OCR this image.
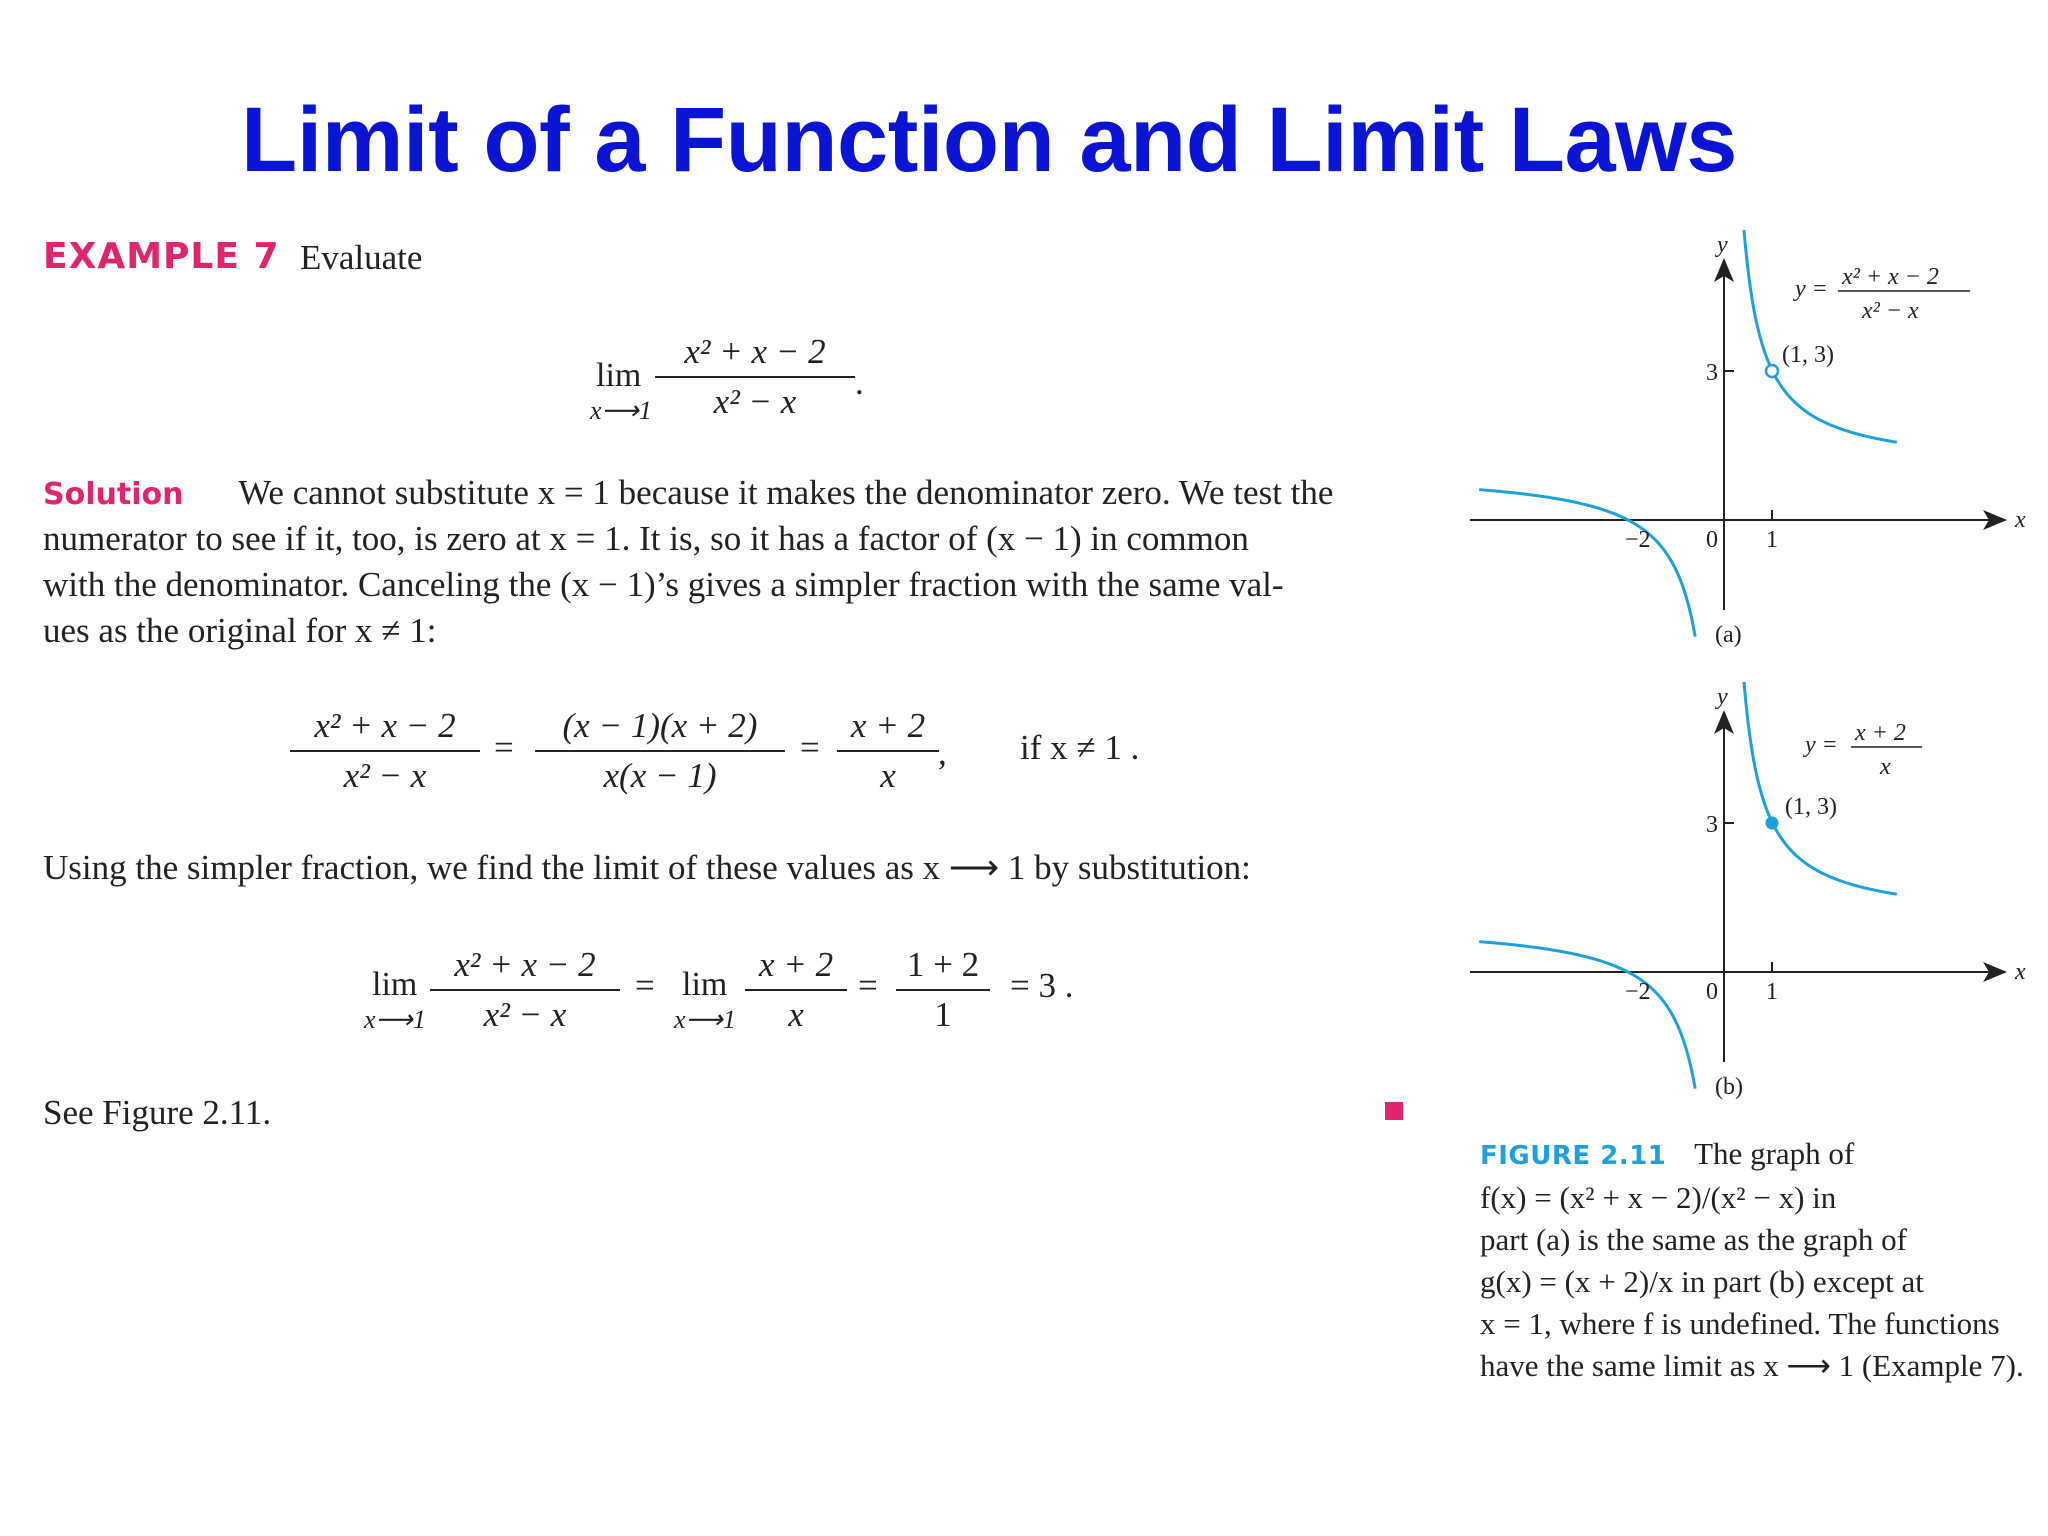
Limit of a Function and Limit Laws
EXAMPLE 7 Evaluate
lim
x⟶1
x² + x − 2
x² − x	.
Solution We cannot substitute x = 1 because it makes the denominator zero. We test the
numerator to see if it, too, is zero at x = 1. It is, so it has a factor of (x − 1) in common
with the denominator. Canceling the (x − 1)’s gives a simpler fraction with the same val-
ues as the original for x ≠ 1:
x² + x − 2
x² − x
=
(x − 1)(x + 2)
x(x − 1)
=
x + 2
x
, if x ≠ 1 .
Using the simpler fraction, we find the limit of these values as x ⟶ 1 by substitution:
lim
x⟶1
x² + x − 2
x² − x
= lim
x⟶1
x + 2
x
=
1 + 2
1
= 3 .
See Figure 2.11.
x
y
−2 0 1
3
(1, 3)
y = x² + x − 2
x² − x
(a)
x
y
−2 0 1
3
(1, 3)
y = x + 2
x
(b)
FIGURE 2.11 The graph of
f(x) = (x² + x − 2)/(x² − x) in
part (a) is the same as the graph of
g(x) = (x + 2)/x in part (b) except at
x = 1, where f is undefined. The functions
have the same limit as x ⟶ 1 (Example 7).
